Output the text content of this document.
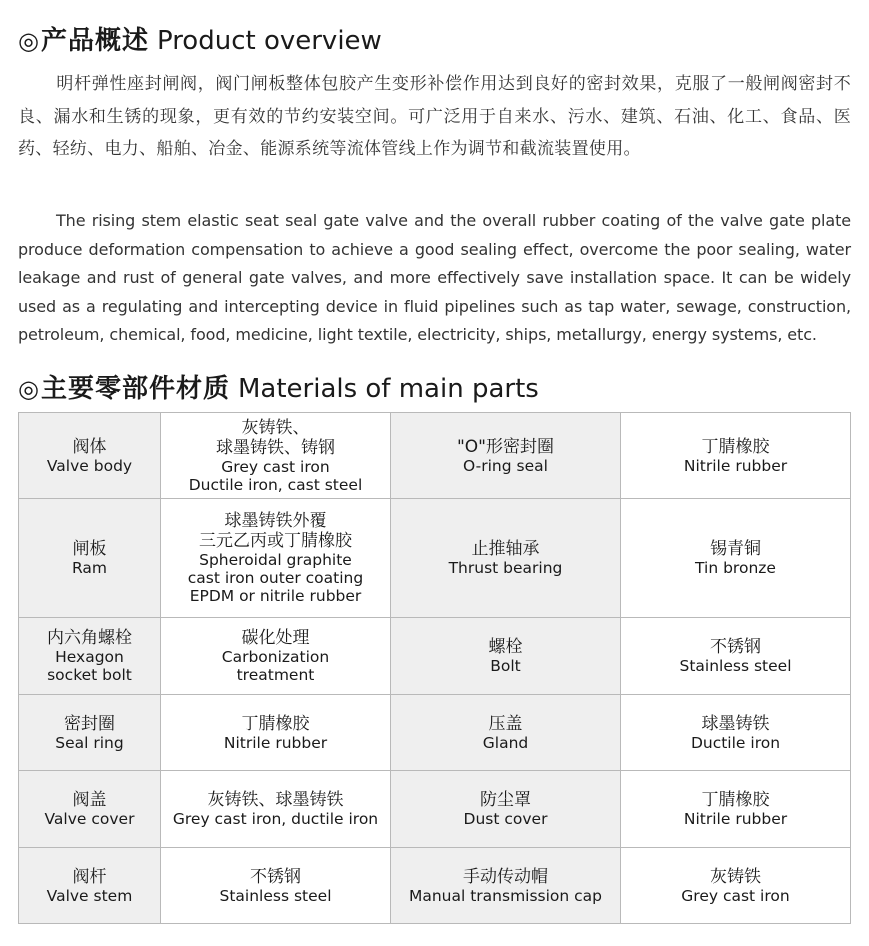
◎ 产品概述 Product overview
明杆弹性座封闸阀，阀门闸板整体包胶产生变形补偿作用达到良好的密封效果，克服了一般闸阀密封不良、漏水和生锈的现象，更有效的节约安装空间。可广泛用于自来水、污水、建筑、石油、化工、食品、医药、轻纺、电力、船舶、冶金、能源系统等流体管线上作为调节和截流装置使用。
The rising stem elastic seat seal gate valve and the overall rubber coating of the valve gate plate produce deformation compensation to achieve a good sealing effect, overcome the poor sealing, water leakage and rust of general gate valves, and more effectively save installation space. It can be widely used as a regulating and intercepting device in fluid pipelines such as tap water, sewage, construction, petroleum, chemical, food, medicine, light textile, electricity, ships, metallurgy, energy systems, etc.
◎ 主要零部件材质 Materials of main parts
阀体
Valve body	灰铸铁、
球墨铸铁、铸钢
Grey cast iron
Ductile iron, cast steel	"O"形密封圈
O-ring seal	丁腈橡胶
Nitrile rubber

闸板
Ram	球墨铸铁外覆
三元乙丙或丁腈橡胶
Spheroidal graphite
cast iron outer coating
EPDM or nitrile rubber	止推轴承
Thrust bearing	锡青铜
Tin bronze

内六角螺栓
Hexagon
socket bolt	碳化处理
Carbonization
treatment	螺栓
Bolt	不锈钢
Stainless steel

密封圈
Seal ring	丁腈橡胶
Nitrile rubber	压盖
Gland	球墨铸铁
Ductile iron

阀盖
Valve cover	灰铸铁、球墨铸铁
Grey cast iron, ductile iron	防尘罩
Dust cover	丁腈橡胶
Nitrile rubber

阀杆
Valve stem	不锈钢
Stainless steel	手动传动帽
Manual transmission cap	灰铸铁
Grey cast iron
